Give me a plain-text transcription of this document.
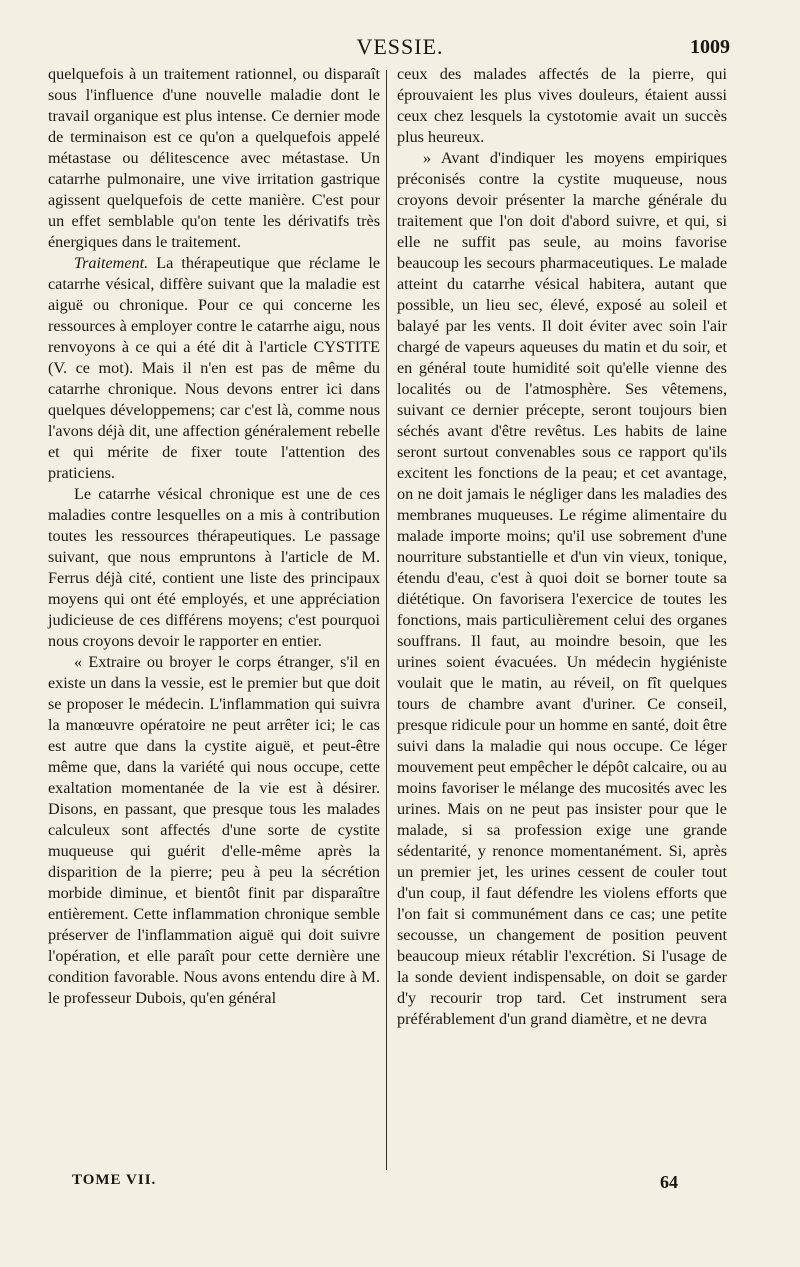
VESSIE.	1009

quelquefois à un traitement rationnel, ou disparaît sous l'influence d'une nouvelle maladie dont le travail organique est plus intense. Ce dernier mode de terminaison est ce qu'on a quelquefois appelé métastase ou délitescence avec métastase. Un catarrhe pulmonaire, une vive irritation gastrique agissent quelquefois de cette manière. C'est pour un effet semblable qu'on tente les dérivatifs très énergiques dans le traitement.

Traitement. La thérapeutique que réclame le catarrhe vésical, diffère suivant que la maladie est aiguë ou chronique. Pour ce qui concerne les ressources à employer contre le catarrhe aigu, nous renvoyons à ce qui a été dit à l'article CYSTITE (V. ce mot). Mais il n'en est pas de même du catarrhe chronique. Nous devons entrer ici dans quelques développemens; car c'est là, comme nous l'avons déjà dit, une affection généralement rebelle et qui mérite de fixer toute l'attention des praticiens.

Le catarrhe vésical chronique est une de ces maladies contre lesquelles on a mis à contribution toutes les ressources thérapeutiques. Le passage suivant, que nous empruntons à l'article de M. Ferrus déjà cité, contient une liste des principaux moyens qui ont été employés, et une appréciation judicieuse de ces différens moyens; c'est pourquoi nous croyons devoir le rapporter en entier.

« Extraire ou broyer le corps étranger, s'il en existe un dans la vessie, est le premier but que doit se proposer le médecin. L'inflammation qui suivra la manœuvre opératoire ne peut arrêter ici; le cas est autre que dans la cystite aiguë, et peut-être même que, dans la variété qui nous occupe, cette exaltation momentanée de la vie est à désirer. Disons, en passant, que presque tous les malades calculeux sont affectés d'une sorte de cystite muqueuse qui guérit d'elle-même après la disparition de la pierre; peu à peu la sécrétion morbide diminue, et bientôt finit par disparaître entièrement. Cette inflammation chronique semble préserver de l'inflammation aiguë qui doit suivre l'opération, et elle paraît pour cette dernière une condition favorable. Nous avons entendu dire à M. le professeur Dubois, qu'en général

ceux des malades affectés de la pierre, qui éprouvaient les plus vives douleurs, étaient aussi ceux chez lesquels la cystotomie avait un succès plus heureux.

» Avant d'indiquer les moyens empiriques préconisés contre la cystite muqueuse, nous croyons devoir présenter la marche générale du traitement que l'on doit d'abord suivre, et qui, si elle ne suffit pas seule, au moins favorise beaucoup les secours pharmaceutiques. Le malade atteint du catarrhe vésical habitera, autant que possible, un lieu sec, élevé, exposé au soleil et balayé par les vents. Il doit éviter avec soin l'air chargé de vapeurs aqueuses du matin et du soir, et en général toute humidité soit qu'elle vienne des localités ou de l'atmosphère. Ses vêtemens, suivant ce dernier précepte, seront toujours bien séchés avant d'être revêtus. Les habits de laine seront surtout convenables sous ce rapport qu'ils excitent les fonctions de la peau; et cet avantage, on ne doit jamais le négliger dans les maladies des membranes muqueuses. Le régime alimentaire du malade importe moins; qu'il use sobrement d'une nourriture substantielle et d'un vin vieux, tonique, étendu d'eau, c'est à quoi doit se borner toute sa diététique. On favorisera l'exercice de toutes les fonctions, mais particulièrement celui des organes souffrans. Il faut, au moindre besoin, que les urines soient évacuées. Un médecin hygiéniste voulait que le matin, au réveil, on fît quelques tours de chambre avant d'uriner. Ce conseil, presque ridicule pour un homme en santé, doit être suivi dans la maladie qui nous occupe. Ce léger mouvement peut empêcher le dépôt calcaire, ou au moins favoriser le mélange des mucosités avec les urines. Mais on ne peut pas insister pour que le malade, si sa profession exige une grande sédentarité, y renonce momentanément. Si, après un premier jet, les urines cessent de couler tout d'un coup, il faut défendre les violens efforts que l'on fait si communément dans ce cas; une petite secousse, un changement de position peuvent beaucoup mieux rétablir l'excrétion. Si l'usage de la sonde devient indispensable, on doit se garder d'y recourir trop tard. Cet instrument sera préférablement d'un grand diamètre, et ne devra

TOME VII.	64
